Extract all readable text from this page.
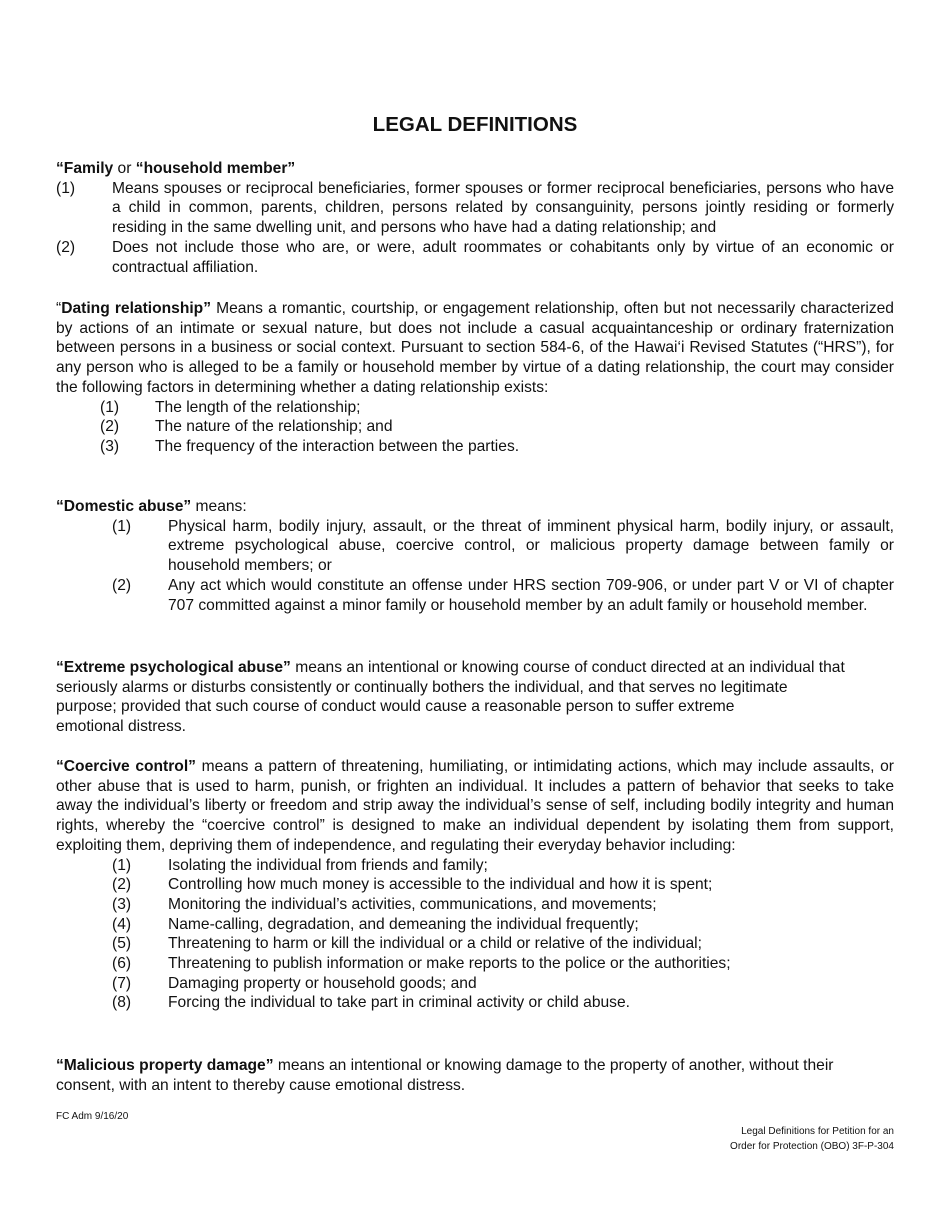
LEGAL DEFINITIONS
“Family or “household member”
(1)	Means spouses or reciprocal beneficiaries, former spouses or former reciprocal beneficiaries, persons who have a child in common, parents, children, persons related by consanguinity, persons jointly residing or formerly residing in the same dwelling unit, and persons who have had a dating relationship; and
(2)	Does not include those who are, or were, adult roommates or cohabitants only by virtue of an economic or contractual affiliation.
“Dating relationship” Means a romantic, courtship, or engagement relationship, often but not necessarily characterized by actions of an intimate or sexual nature, but does not include a casual acquaintanceship or ordinary fraternization between persons in a business or social context. Pursuant to section 584-6, of the Hawai‘i Revised Statutes (“HRS”), for any person who is alleged to be a family or household member by virtue of a dating relationship, the court may consider the following factors in determining whether a dating relationship exists:
(1)	The length of the relationship;
(2)	The nature of the relationship; and
(3)	The frequency of the interaction between the parties.
“Domestic abuse” means:
(1)	Physical harm, bodily injury, assault, or the threat of imminent physical harm, bodily injury, or assault, extreme psychological abuse, coercive control, or malicious property damage between family or household members; or
(2)	Any act which would constitute an offense under HRS section 709-906, or under part V or VI of chapter 707 committed against a minor family or household member by an adult family or household member.
“Extreme psychological abuse” means an intentional or knowing course of conduct directed at an individual that
seriously alarms or disturbs consistently or continually bothers the individual, and that serves no legitimate
purpose; provided that such course of conduct would cause a reasonable person to suffer extreme
emotional distress.
“Coercive control” means a pattern of threatening, humiliating, or intimidating actions, which may include assaults, or other abuse that is used to harm, punish, or frighten an individual. It includes a pattern of behavior that seeks to take away the individual’s liberty or freedom and strip away the individual’s sense of self, including bodily integrity and human rights, whereby the “coercive control” is designed to make an individual dependent by isolating them from support, exploiting them, depriving them of independence, and regulating their everyday behavior including:
(1)	Isolating the individual from friends and family;
(2)	Controlling how much money is accessible to the individual and how it is spent;
(3)	Monitoring the individual’s activities, communications, and movements;
(4)	Name-calling, degradation, and demeaning the individual frequently;
(5)	Threatening to harm or kill the individual or a child or relative of the individual;
(6)	Threatening to publish information or make reports to the police or the authorities;
(7)	Damaging property or household goods; and
(8)	Forcing the individual to take part in criminal activity or child abuse.
“Malicious property damage” means an intentional or knowing damage to the property of another, without their consent, with an intent to thereby cause emotional distress.
FC Adm 9/16/20
Legal Definitions for Petition for an
Order for Protection (OBO) 3F-P-304
